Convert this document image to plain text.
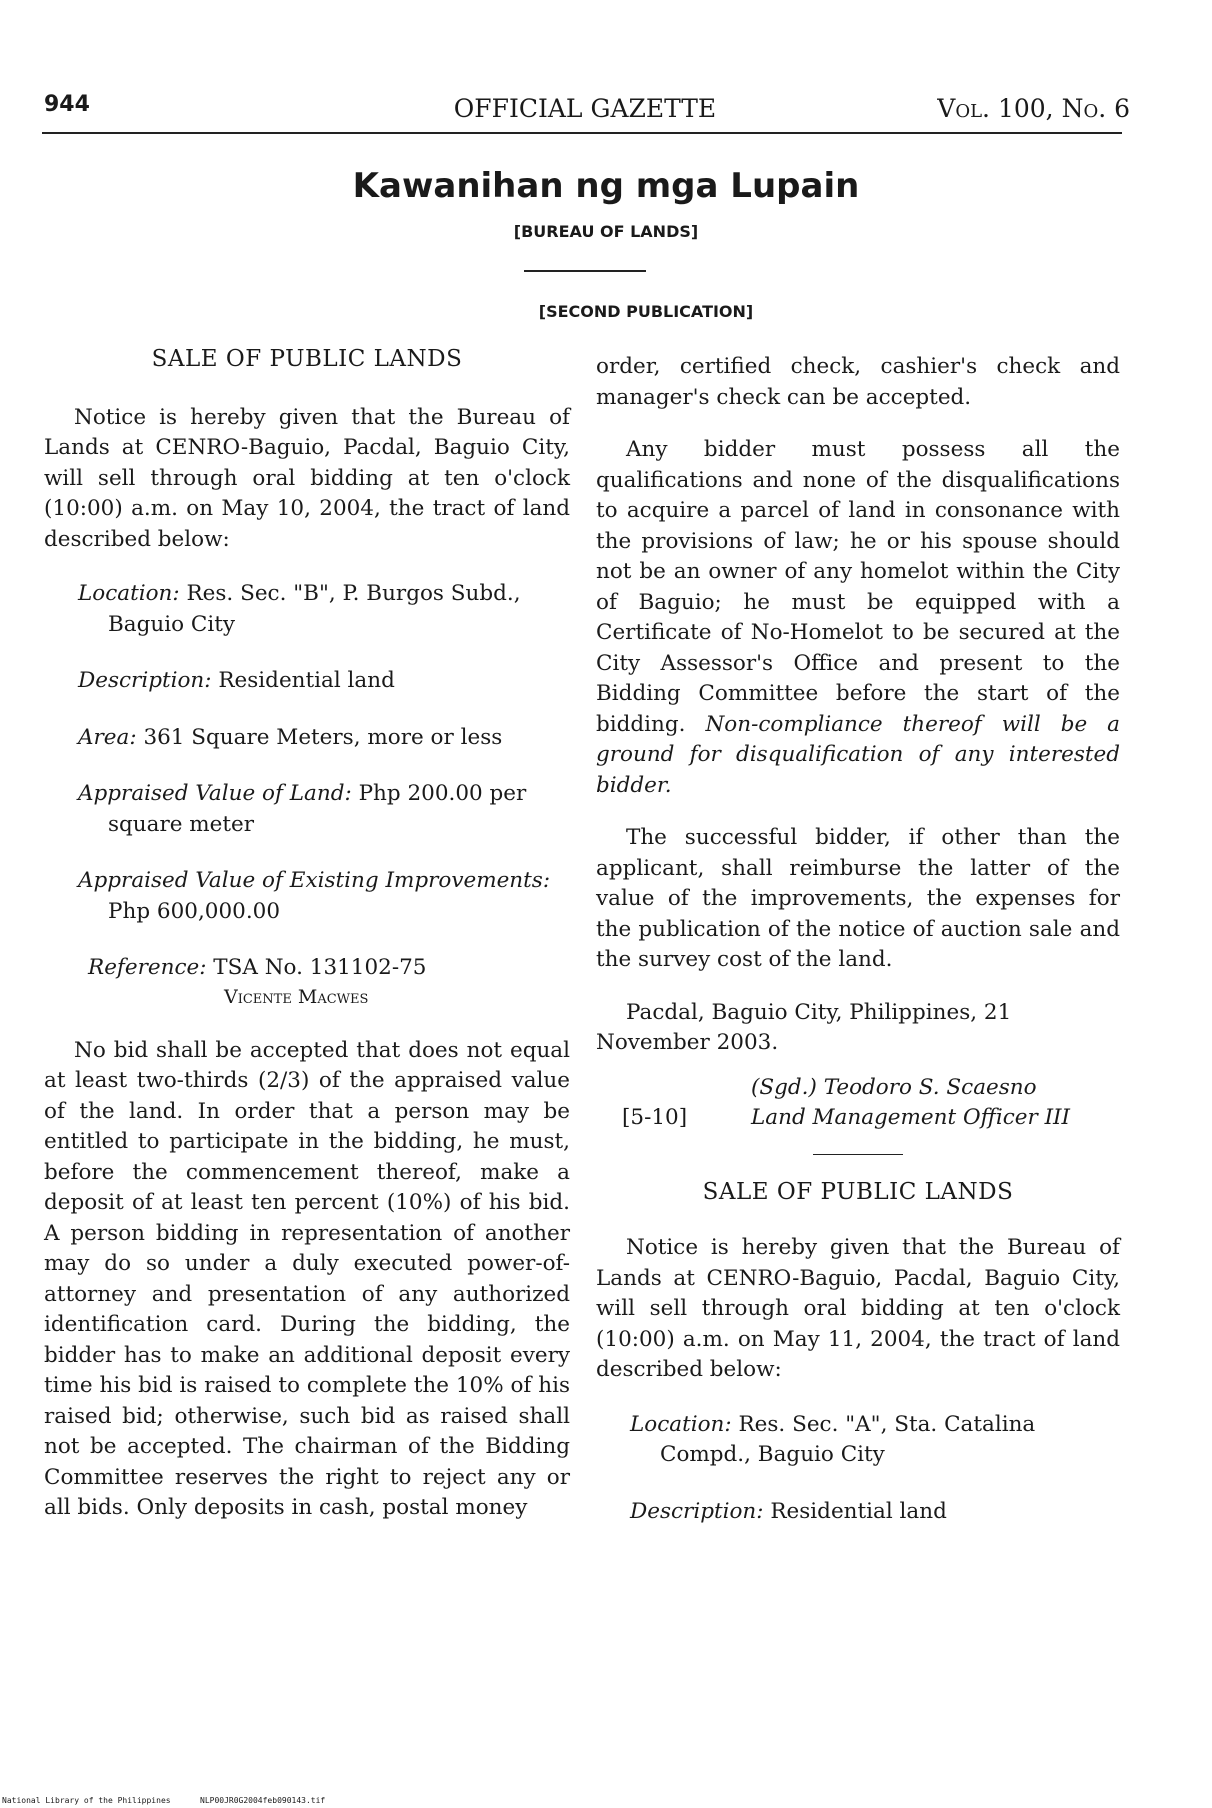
944	OFFICIAL GAZETTE	Vol. 100, No. 6
Kawanihan ng mga Lupain
[BUREAU OF LANDS]
[SECOND PUBLICATION]

SALE OF PUBLIC LANDS

Notice is hereby given that the Bureau of Lands at CENRO-Baguio, Pacdal, Baguio City, will sell through oral bidding at ten o'clock (10:00) a.m. on May 10, 2004, the tract of land described below:

Location: Res. Sec. "B", P. Burgos Subd., Baguio City

Description: Residential land

Area: 361 Square Meters, more or less

Appraised Value of Land: Php 200.00 per square meter

Appraised Value of Existing Improvements: Php 600,000.00

Reference: TSA No. 131102-75

Vicente Macwes

No bid shall be accepted that does not equal at least two-thirds (2/3) of the appraised value of the land. In order that a person may be entitled to participate in the bidding, he must, before the commencement thereof, make a deposit of at least ten percent (10%) of his bid. A person bidding in representation of another may do so under a duly executed power-of-attorney and presentation of any authorized identification card. During the bidding, the bidder has to make an additional deposit every time his bid is raised to complete the 10% of his raised bid; otherwise, such bid as raised shall not be accepted. The chairman of the Bidding Committee reserves the right to reject any or all bids. Only deposits in cash, postal money

order, certified check, cashier's check and manager's check can be accepted.

Any bidder must possess all the qualifications and none of the disqualifications to acquire a parcel of land in consonance with the provisions of law; he or his spouse should not be an owner of any homelot within the City of Baguio; he must be equipped with a Certificate of No-Homelot to be secured at the City Assessor's Office and present to the Bidding Committee before the start of the bidding. Non-compliance thereof will be a ground for disqualification of any interested bidder.

The successful bidder, if other than the applicant, shall reimburse the latter of the value of the improvements, the expenses for the publication of the notice of auction sale and the survey cost of the land.

Pacdal, Baguio City, Philippines, 21 November 2003.

(Sgd.) Teodoro S. Scaesno

[5-10]	Land Management Officer III

SALE OF PUBLIC LANDS

Notice is hereby given that the Bureau of Lands at CENRO-Baguio, Pacdal, Baguio City, will sell through oral bidding at ten o'clock (10:00) a.m. on May 11, 2004, the tract of land described below:

Location: Res. Sec. "A", Sta. Catalina Compd., Baguio City

Description: Residential land

National Library of the Philippines	NLP00JR0G2004feb090143.tif
